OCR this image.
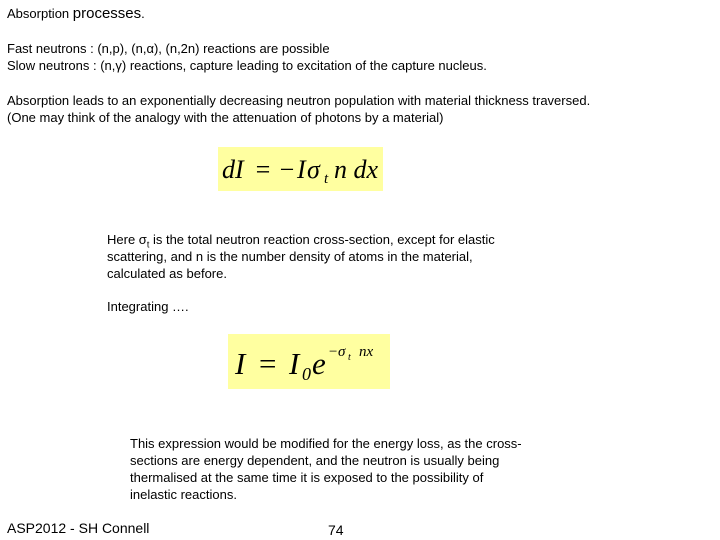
Absorption processes.
Fast neutrons : (n,p), (n,α), (n,2n) reactions are possible
Slow neutrons : (n,γ) reactions, capture leading to excitation of the capture nucleus.
Absorption leads to an exponentially decreasing neutron population with material thickness traversed.
(One may think of the analogy with the attenuation of photons by a material)
dI = − I σ t n dx
Here $\sigma_t$ is the total neutron reaction cross-section, except for elastic
scattering, and n is the number density of atoms in the material,
calculated as before.
Integrating ….
I = I 0 e − σ t nx
This expression would be modified for the energy loss, as the cross-
sections are energy dependent, and the neutron is usually being
thermalised at the same time it is exposed to the possibility of
inelastic reactions.
ASP2012 - SH Connell	74
